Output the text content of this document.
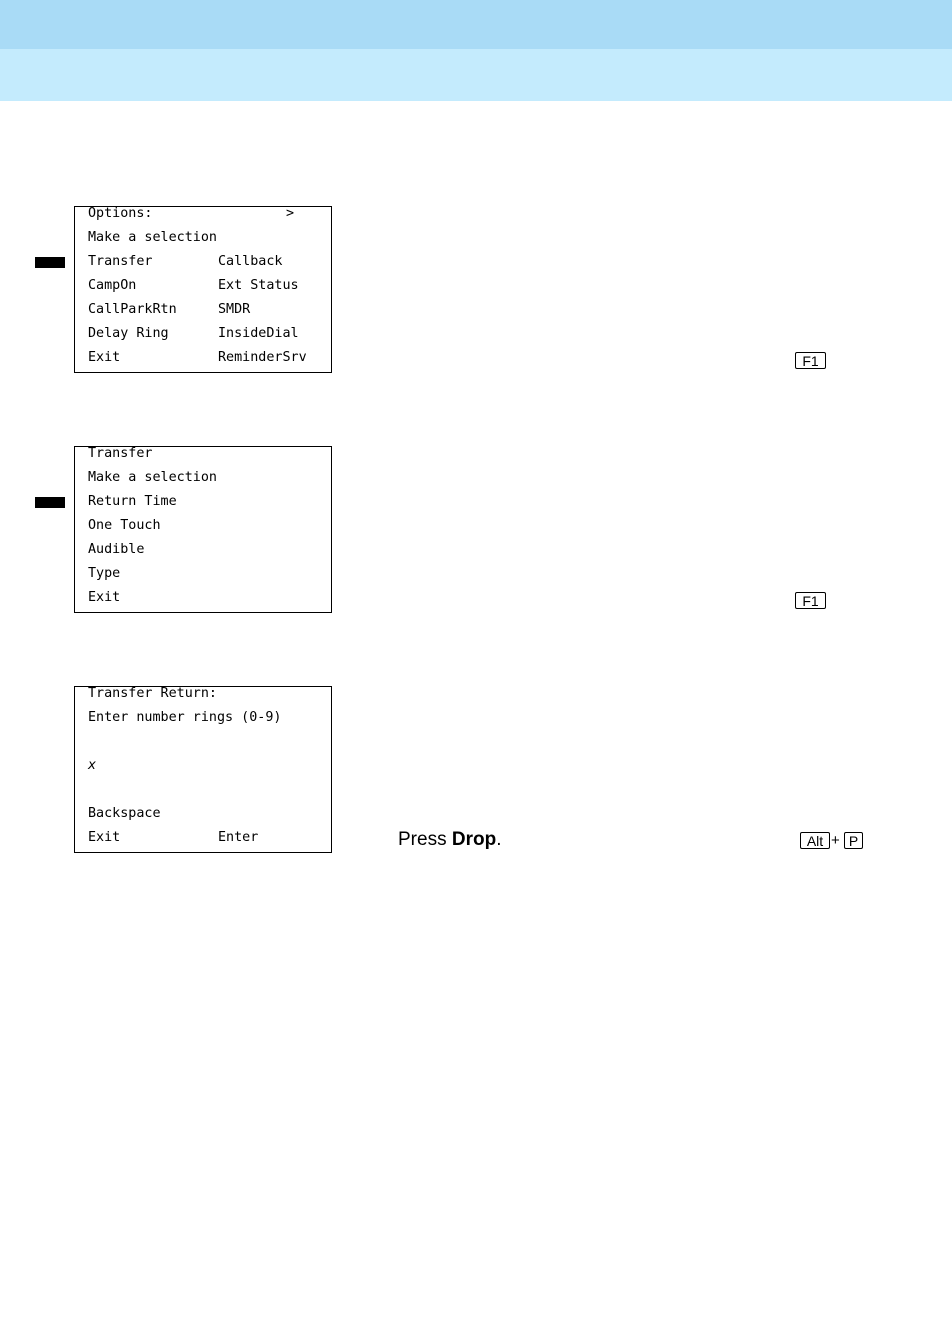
Options:	>
Make a selection
Transfer	Callback
CampOn	Ext Status
CallParkRtn	SMDR
Delay Ring	InsideDial
Exit	ReminderSrv	F1
Transfer
Make a selection
Return Time
One Touch
Audible
Type
Exit	F1
Transfer Return:
Enter number rings (0-9)
x
Backspace
Exit	Enter	Press Drop.	Alt + P
